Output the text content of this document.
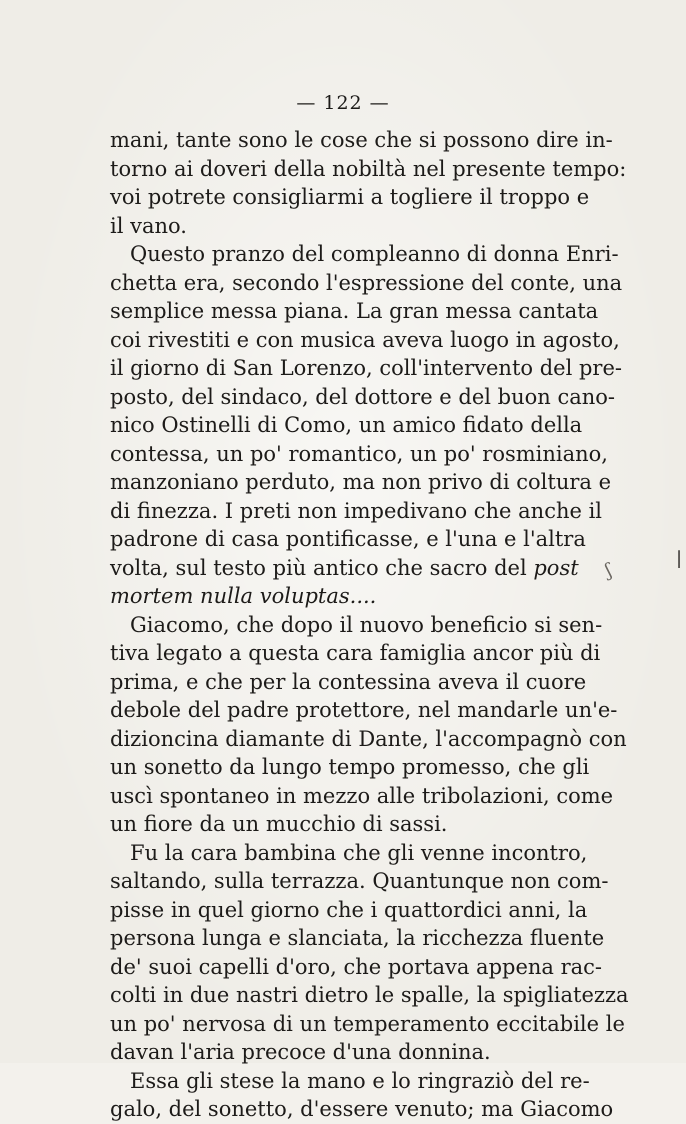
— 122 —
mani, tante sono le cose che si possono dire in-
torno ai doveri della nobiltà nel presente tempo:
voi potrete consigliarmi a togliere il troppo e
il vano.
Questo pranzo del compleanno di donna Enri-
chetta era, secondo l'espressione del conte, una
semplice messa piana. La gran messa cantata
coi rivestiti e con musica aveva luogo in agosto,
il giorno di San Lorenzo, coll'intervento del pre-
posto, del sindaco, del dottore e del buon cano-
nico Ostinelli di Como, un amico fidato della
contessa, un po' romantico, un po' rosminiano,
manzoniano perduto, ma non privo di coltura e
di finezza. I preti non impedivano che anche il
padrone di casa pontificasse, e l'una e l'altra
volta, sul testo più antico che sacro del post
mortem nulla voluptas....
Giacomo, che dopo il nuovo beneficio si sen-
tiva legato a questa cara famiglia ancor più di
prima, e che per la contessina aveva il cuore
debole del padre protettore, nel mandarle un'e-
dizioncina diamante di Dante, l'accompagnò con
un sonetto da lungo tempo promesso, che gli
uscì spontaneo in mezzo alle tribolazioni, come
un fiore da un mucchio di sassi.
Fu la cara bambina che gli venne incontro,
saltando, sulla terrazza. Quantunque non com-
pisse in quel giorno che i quattordici anni, la
persona lunga e slanciata, la ricchezza fluente
de' suoi capelli d'oro, che portava appena rac-
colti in due nastri dietro le spalle, la spigliatezza
un po' nervosa di un temperamento eccitabile le
davan l'aria precoce d'una donnina.
Essa gli stese la mano e lo ringraziò del re-
galo, del sonetto, d'essere venuto; ma Giacomo
ʃ
|
